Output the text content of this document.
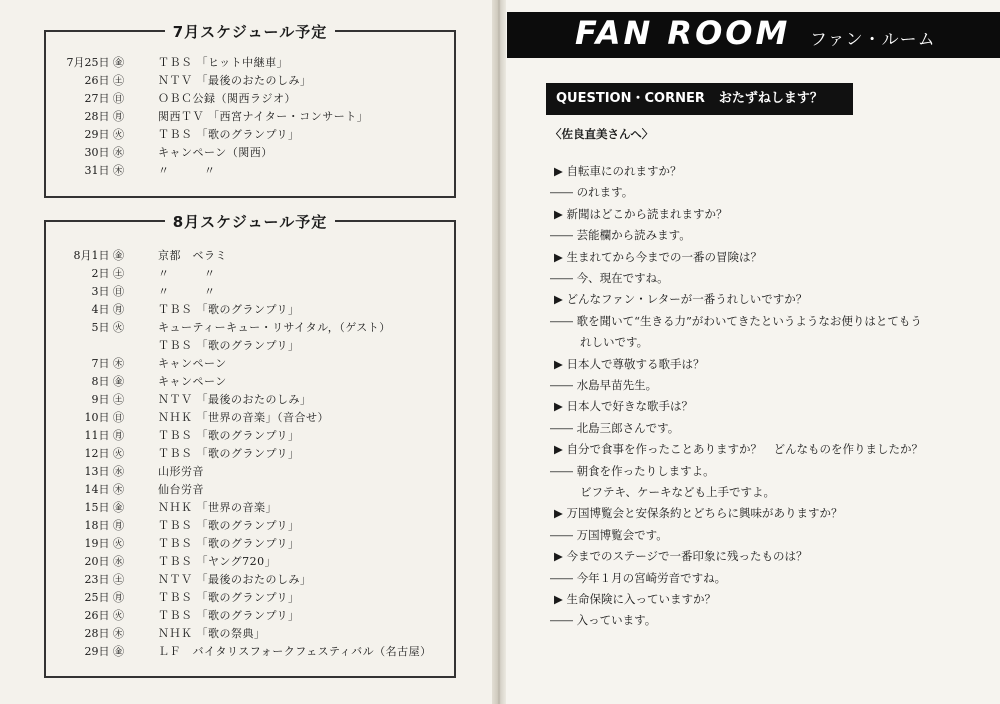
7月スケジュール予定
7月25日 ㊎	ＴＢＳ 「ヒット中継車」
26日 ㊏	ＮＴＶ 「最後のおたのしみ」
27日 ㊐	ＯＢＣ公録（関西ラジオ）
28日 ㊊	関西ＴＶ 「西宮ナイター・コンサート」
29日 ㊋	ＴＢＳ 「歌のグランプリ」
30日 ㊌	キャンペーン（関西）
31日 ㊍	〃　　　〃
8月スケジュール予定
8月1日 ㊎	京都　ベラミ
2日 ㊏	〃　　　〃
3日 ㊐	〃　　　〃
4日 ㊊	ＴＢＳ 「歌のグランプリ」
5日 ㊋	キューティーキュー・リサイタル，（ゲスト）
ＴＢＳ 「歌のグランプリ」
7日 ㊍	キャンペーン
8日 ㊎	キャンペーン
9日 ㊏	ＮＴＶ 「最後のおたのしみ」
10日 ㊐	ＮＨＫ 「世界の音楽」（音合せ）
11日 ㊊	ＴＢＳ 「歌のグランプリ」
12日 ㊋	ＴＢＳ 「歌のグランプリ」
13日 ㊌	山形労音
14日 ㊍	仙台労音
15日 ㊎	ＮＨＫ 「世界の音楽」
18日 ㊊	ＴＢＳ 「歌のグランプリ」
19日 ㊋	ＴＢＳ 「歌のグランプリ」
20日 ㊌	ＴＢＳ 「ヤング720」
23日 ㊏	ＮＴＶ 「最後のおたのしみ」
25日 ㊊	ＴＢＳ 「歌のグランプリ」
26日 ㊋	ＴＢＳ 「歌のグランプリ」
28日 ㊍	ＮＨＫ 「歌の祭典」
29日 ㊎	ＬＦ　バイタリスフォークフェスティバル（名古屋）
FAN ROOM ファン・ルーム
QUESTION・CORNER おたずねします？
〈佐良直美さんへ〉
▶ 自転車にのれますか？
―― のれます。
▶ 新聞はどこから読まれますか？
―― 芸能欄から読みます。
▶ 生まれてから今までの一番の冒険は？
―― 今、現在ですね。
▶ どんなファン・レターが一番うれしいですか？
―― 歌を聞いて“生きる力”がわいてきたというようなお便りはとてもう
れしいです。
▶ 日本人で尊敬する歌手は？
―― 水島早苗先生。
▶ 日本人で好きな歌手は？
―― 北島三郎さんです。
▶ 自分で食事を作ったことありますか？　どんなものを作りましたか？
―― 朝食を作ったりしますよ。
ビフテキ、ケーキなども上手ですよ。
▶ 万国博覧会と安保条約とどちらに興味がありますか？
―― 万国博覧会です。
▶ 今までのステージで一番印象に残ったものは？
―― 今年１月の宮崎労音ですね。
▶ 生命保険に入っていますか？
―― 入っています。
